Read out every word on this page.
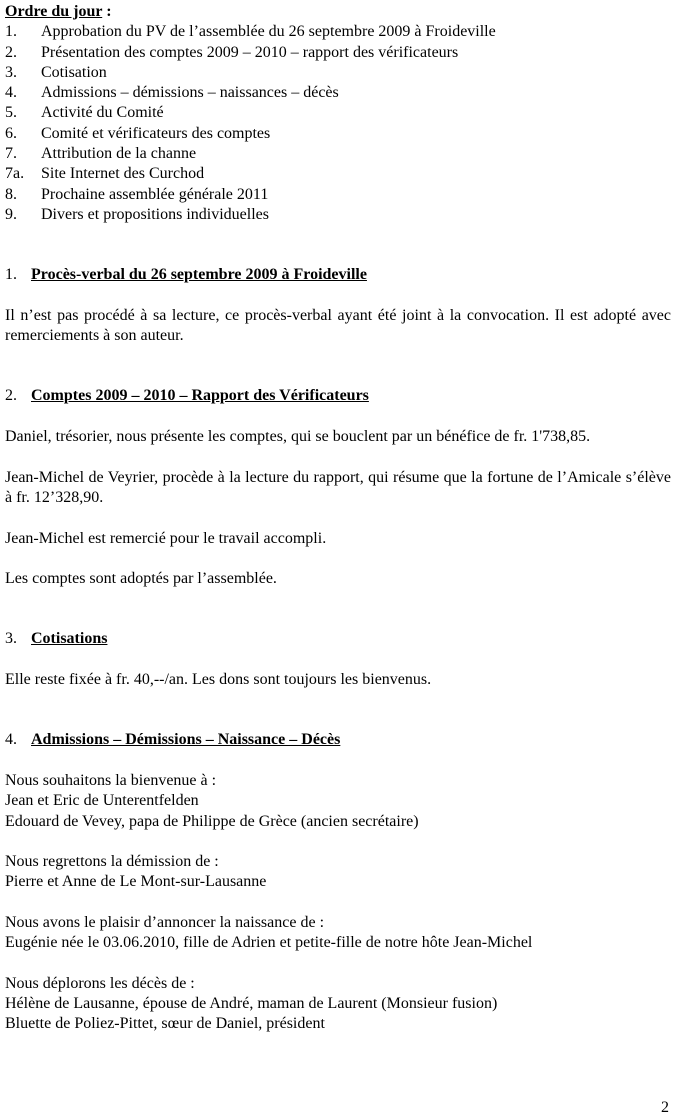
Ordre du jour :
1. Approbation du PV de l’assemblée du 26 septembre 2009 à Froideville
2. Présentation des comptes 2009 – 2010 – rapport des vérificateurs
3. Cotisation
4. Admissions – démissions – naissances – décès
5. Activité du Comité
6. Comité et vérificateurs des comptes
7. Attribution de la channe
7a. Site Internet des Curchod
8. Prochaine assemblée générale 2011
9. Divers et propositions individuelles
1. Procès-verbal du 26 septembre 2009 à Froideville

Il n’est pas procédé à sa lecture, ce procès-verbal ayant été joint à la convocation. Il est adopté avec remerciements à son auteur.

2. Comptes 2009 – 2010 – Rapport des Vérificateurs

Daniel, trésorier, nous présente les comptes, qui se bouclent par un bénéfice de fr. 1'738,85.

Jean-Michel de Veyrier, procède à la lecture du rapport, qui résume que la fortune de l’Amicale s’élève à fr. 12’328,90.

Jean-Michel est remercié pour le travail accompli.

Les comptes sont adoptés par l’assemblée.

3. Cotisations

Elle reste fixée à fr. 40,--/an. Les dons sont toujours les bienvenus.

4. Admissions – Démissions – Naissance – Décès

Nous souhaitons la bienvenue à :

Jean et Eric de Unterentfelden

Edouard de Vevey, papa de Philippe de Grèce (ancien secrétaire)

Nous regrettons la démission de :

Pierre et Anne de Le Mont-sur-Lausanne

Nous avons le plaisir d’annoncer la naissance de :

Eugénie née le 03.06.2010, fille de Adrien et petite-fille de notre hôte Jean-Michel

Nous déplorons les décès de :

Hélène de Lausanne, épouse de André, maman de Laurent (Monsieur fusion)

Bluette de Poliez-Pittet, sœur de Daniel, président

2
